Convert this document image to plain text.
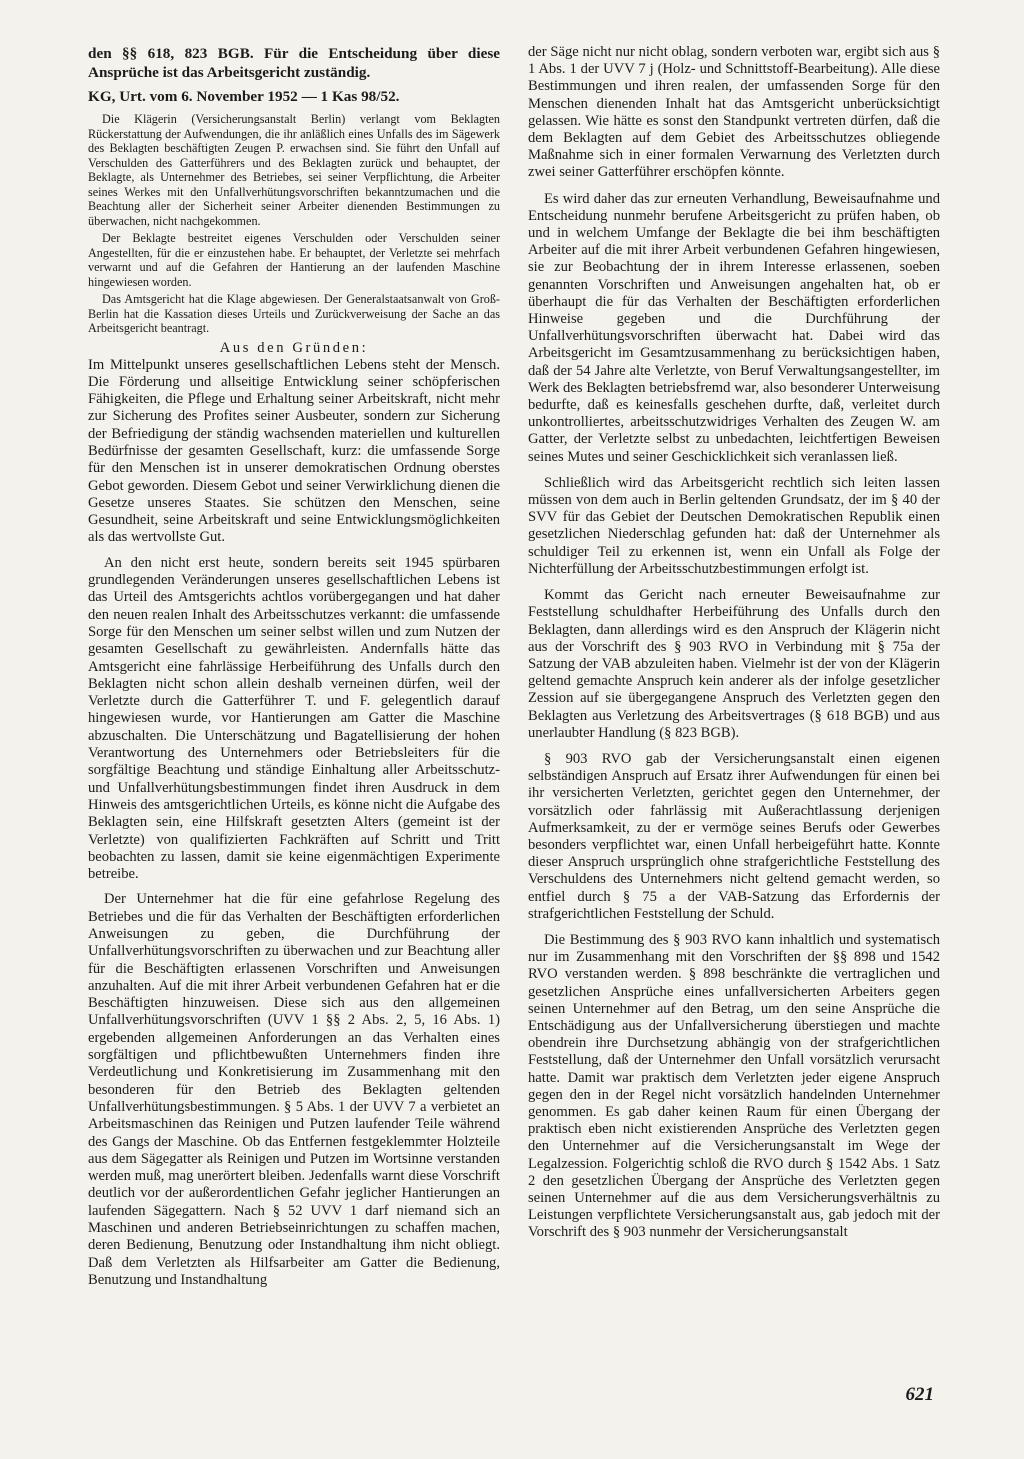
den §§ 618, 823 BGB. Für die Entscheidung über diese Ansprüche ist das Arbeitsgericht zuständig.

KG, Urt. vom 6. November 1952 — 1 Kas 98/52.

Die Klägerin (Versicherungsanstalt Berlin) verlangt vom Beklagten Rückerstattung der Aufwendungen, die ihr anläßlich eines Unfalls des im Sägewerk des Beklagten beschäftigten Zeugen P. erwachsen sind. Sie führt den Unfall auf Verschulden des Gatterführers und des Beklagten zurück und behauptet, der Beklagte, als Unternehmer des Betriebes, sei seiner Verpflichtung, die Arbeiter seines Werkes mit den Unfallverhütungsvorschriften bekanntzumachen und die Beachtung aller der Sicherheit seiner Arbeiter dienenden Bestimmungen zu überwachen, nicht nachgekommen.

Der Beklagte bestreitet eigenes Verschulden oder Verschulden seiner Angestellten, für die er einzustehen habe. Er behauptet, der Verletzte sei mehrfach verwarnt und auf die Gefahren der Hantierung an der laufenden Maschine hingewiesen worden.

Das Amtsgericht hat die Klage abgewiesen. Der Generalstaatsanwalt von Groß-Berlin hat die Kassation dieses Urteils und Zurückverweisung der Sache an das Arbeitsgericht beantragt.

Aus den Gründen:

Im Mittelpunkt unseres gesellschaftlichen Lebens steht der Mensch. Die Förderung und allseitige Entwicklung seiner schöpferischen Fähigkeiten, die Pflege und Erhaltung seiner Arbeitskraft, nicht mehr zur Sicherung des Profites seiner Ausbeuter, sondern zur Sicherung der Befriedigung der ständig wachsenden materiellen und kulturellen Bedürfnisse der gesamten Gesellschaft, kurz: die umfassende Sorge für den Menschen ist in unserer demokratischen Ordnung oberstes Gebot geworden. Diesem Gebot und seiner Verwirklichung dienen die Gesetze unseres Staates. Sie schützen den Menschen, seine Gesundheit, seine Arbeitskraft und seine Entwicklungsmöglichkeiten als das wertvollste Gut.

An den nicht erst heute, sondern bereits seit 1945 spürbaren grundlegenden Veränderungen unseres gesellschaftlichen Lebens ist das Urteil des Amtsgerichts achtlos vorübergegangen und hat daher den neuen realen Inhalt des Arbeitsschutzes verkannt: die umfassende Sorge für den Menschen um seiner selbst willen und zum Nutzen der gesamten Gesellschaft zu gewährleisten. Andernfalls hätte das Amtsgericht eine fahrlässige Herbeiführung des Unfalls durch den Beklagten nicht schon allein deshalb verneinen dürfen, weil der Verletzte durch die Gatterführer T. und F. gelegentlich darauf hingewiesen wurde, vor Hantierungen am Gatter die Maschine abzuschalten. Die Unterschätzung und Bagatellisierung der hohen Verantwortung des Unternehmers oder Betriebsleiters für die sorgfältige Beachtung und ständige Einhaltung aller Arbeitsschutz- und Unfallverhütungsbestimmungen findet ihren Ausdruck in dem Hinweis des amtsgerichtlichen Urteils, es könne nicht die Aufgabe des Beklagten sein, eine Hilfskraft gesetzten Alters (gemeint ist der Verletzte) von qualifizierten Fachkräften auf Schritt und Tritt beobachten zu lassen, damit sie keine eigenmächtigen Experimente betreibe.

Der Unternehmer hat die für eine gefahrlose Regelung des Betriebes und die für das Verhalten der Beschäftigten erforderlichen Anweisungen zu geben, die Durchführung der Unfallverhütungsvorschriften zu überwachen und zur Beachtung aller für die Beschäftigten erlassenen Vorschriften und Anweisungen anzuhalten. Auf die mit ihrer Arbeit verbundenen Gefahren hat er die Beschäftigten hinzuweisen. Diese sich aus den allgemeinen Unfallverhütungsvorschriften (UVV 1 §§ 2 Abs. 2, 5, 16 Abs. 1) ergebenden allgemeinen Anforderungen an das Verhalten eines sorgfältigen und pflichtbewußten Unternehmers finden ihre Verdeutlichung und Konkretisierung im Zusammenhang mit den besonderen für den Betrieb des Beklagten geltenden Unfallverhütungsbestimmungen. § 5 Abs. 1 der UVV 7 a verbietet an Arbeitsmaschinen das Reinigen und Putzen laufender Teile während des Gangs der Maschine. Ob das Entfernen festgeklemmter Holzteile aus dem Sägegatter als Reinigen und Putzen im Wortsinne verstanden werden muß, mag unerörtert bleiben. Jedenfalls warnt diese Vorschrift deutlich vor der außerordentlichen Gefahr jeglicher Hantierungen an laufenden Sägegattern. Nach § 52 UVV 1 darf niemand sich an Maschinen und anderen Betriebseinrichtungen zu schaffen machen, deren Bedienung, Benutzung oder Instandhaltung ihm nicht obliegt. Daß dem Verletzten als Hilfsarbeiter am Gatter die Bedienung, Benutzung und Instandhaltung

der Säge nicht nur nicht oblag, sondern verboten war, ergibt sich aus § 1 Abs. 1 der UVV 7 j (Holz- und Schnittstoff-Bearbeitung). Alle diese Bestimmungen und ihren realen, der umfassenden Sorge für den Menschen dienenden Inhalt hat das Amtsgericht unberücksichtigt gelassen. Wie hätte es sonst den Standpunkt vertreten dürfen, daß die dem Beklagten auf dem Gebiet des Arbeitsschutzes obliegende Maßnahme sich in einer formalen Verwarnung des Verletzten durch zwei seiner Gatterführer erschöpfen könnte.

Es wird daher das zur erneuten Verhandlung, Beweisaufnahme und Entscheidung nunmehr berufene Arbeitsgericht zu prüfen haben, ob und in welchem Umfange der Beklagte die bei ihm beschäftigten Arbeiter auf die mit ihrer Arbeit verbundenen Gefahren hingewiesen, sie zur Beobachtung der in ihrem Interesse erlassenen, soeben genannten Vorschriften und Anweisungen angehalten hat, ob er überhaupt die für das Verhalten der Beschäftigten erforderlichen Hinweise gegeben und die Durchführung der Unfallverhütungsvorschriften überwacht hat. Dabei wird das Arbeitsgericht im Gesamtzusammenhang zu berücksichtigen haben, daß der 54 Jahre alte Verletzte, von Beruf Verwaltungsangestellter, im Werk des Beklagten betriebsfremd war, also besonderer Unterweisung bedurfte, daß es keinesfalls geschehen durfte, daß, verleitet durch unkontrolliertes, arbeitsschutzwidriges Verhalten des Zeugen W. am Gatter, der Verletzte selbst zu unbedachten, leichtfertigen Beweisen seines Mutes und seiner Geschicklichkeit sich veranlassen ließ.

Schließlich wird das Arbeitsgericht rechtlich sich leiten lassen müssen von dem auch in Berlin geltenden Grundsatz, der im § 40 der SVV für das Gebiet der Deutschen Demokratischen Republik einen gesetzlichen Niederschlag gefunden hat: daß der Unternehmer als schuldiger Teil zu erkennen ist, wenn ein Unfall als Folge der Nichterfüllung der Arbeitsschutzbestimmungen erfolgt ist.

Kommt das Gericht nach erneuter Beweisaufnahme zur Feststellung schuldhafter Herbeiführung des Unfalls durch den Beklagten, dann allerdings wird es den Anspruch der Klägerin nicht aus der Vorschrift des § 903 RVO in Verbindung mit § 75a der Satzung der VAB abzuleiten haben. Vielmehr ist der von der Klägerin geltend gemachte Anspruch kein anderer als der infolge gesetzlicher Zession auf sie übergegangene Anspruch des Verletzten gegen den Beklagten aus Verletzung des Arbeitsvertrages (§ 618 BGB) und aus unerlaubter Handlung (§ 823 BGB).

§ 903 RVO gab der Versicherungsanstalt einen eigenen selbständigen Anspruch auf Ersatz ihrer Aufwendungen für einen bei ihr versicherten Verletzten, gerichtet gegen den Unternehmer, der vorsätzlich oder fahrlässig mit Außerachtlassung derjenigen Aufmerksamkeit, zu der er vermöge seines Berufs oder Gewerbes besonders verpflichtet war, einen Unfall herbeigeführt hatte. Konnte dieser Anspruch ursprünglich ohne strafgerichtliche Feststellung des Verschuldens des Unternehmers nicht geltend gemacht werden, so entfiel durch § 75 a der VAB-Satzung das Erfordernis der strafgerichtlichen Feststellung der Schuld.

Die Bestimmung des § 903 RVO kann inhaltlich und systematisch nur im Zusammenhang mit den Vorschriften der §§ 898 und 1542 RVO verstanden werden. § 898 beschränkte die vertraglichen und gesetzlichen Ansprüche eines unfallversicherten Arbeiters gegen seinen Unternehmer auf den Betrag, um den seine Ansprüche die Entschädigung aus der Unfallversicherung überstiegen und machte obendrein ihre Durchsetzung abhängig von der strafgerichtlichen Feststellung, daß der Unternehmer den Unfall vorsätzlich verursacht hatte. Damit war praktisch dem Verletzten jeder eigene Anspruch gegen den in der Regel nicht vorsätzlich handelnden Unternehmer genommen. Es gab daher keinen Raum für einen Übergang der praktisch eben nicht existierenden Ansprüche des Verletzten gegen den Unternehmer auf die Versicherungsanstalt im Wege der Legalzession. Folgerichtig schloß die RVO durch § 1542 Abs. 1 Satz 2 den gesetzlichen Übergang der Ansprüche des Verletzten gegen seinen Unternehmer auf die aus dem Versicherungsverhältnis zu Leistungen verpflichtete Versicherungsanstalt aus, gab jedoch mit der Vorschrift des § 903 nunmehr der Versicherungsanstalt

621
